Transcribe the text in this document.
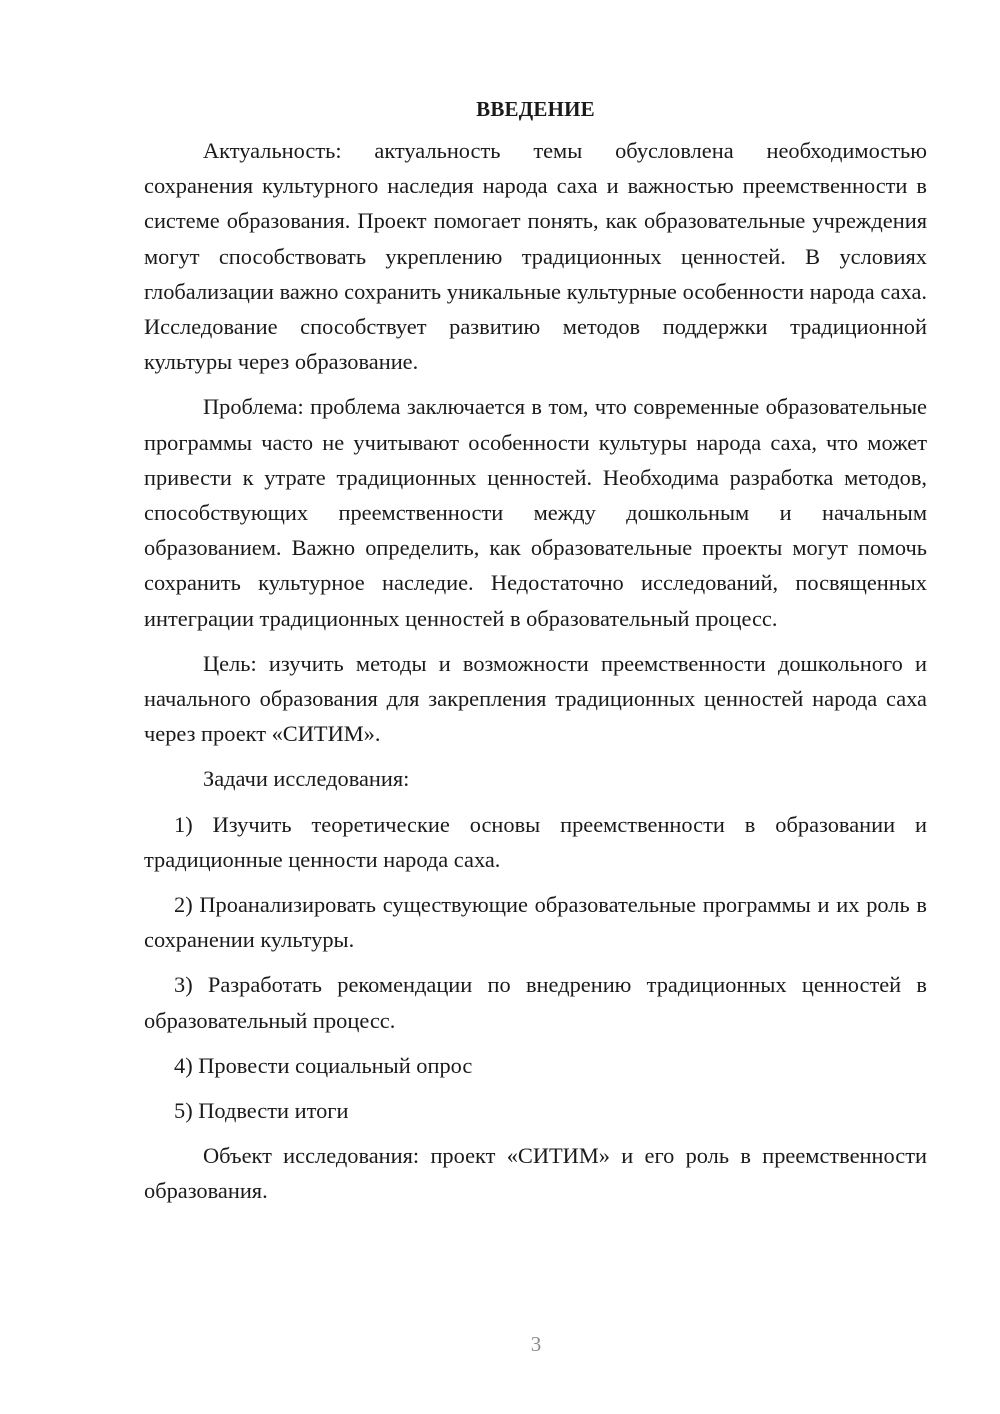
ВВЕДЕНИЕ

Актуальность: актуальность темы обусловлена необходимостью сохранения культурного наследия народа саха и важностью преемственности в системе образования. Проект помогает понять, как образовательные учреждения могут способствовать укреплению традиционных ценностей. В условиях глобализации важно сохранить уникальные культурные особенности народа саха. Исследование способствует развитию методов поддержки традиционной культуры через образование.

Проблема: проблема заключается в том, что современные образовательные программы часто не учитывают особенности культуры народа саха, что может привести к утрате традиционных ценностей. Необходима разработка методов, способствующих преемственности между дошкольным и начальным образованием. Важно определить, как образовательные проекты могут помочь сохранить культурное наследие. Недостаточно исследований, посвященных интеграции традиционных ценностей в образовательный процесс.

Цель: изучить методы и возможности преемственности дошкольного и начального образования для закрепления традиционных ценностей народа саха через проект «СИТИМ».

Задачи исследования:

1) Изучить теоретические основы преемственности в образовании и традиционные ценности народа саха.

2) Проанализировать существующие образовательные программы и их роль в сохранении культуры.

3) Разработать рекомендации по внедрению традиционных ценностей в образовательный процесс.

4) Провести социальный опрос

5) Подвести итоги

Объект исследования: проект «СИТИМ» и его роль в преемственности образования.

3
